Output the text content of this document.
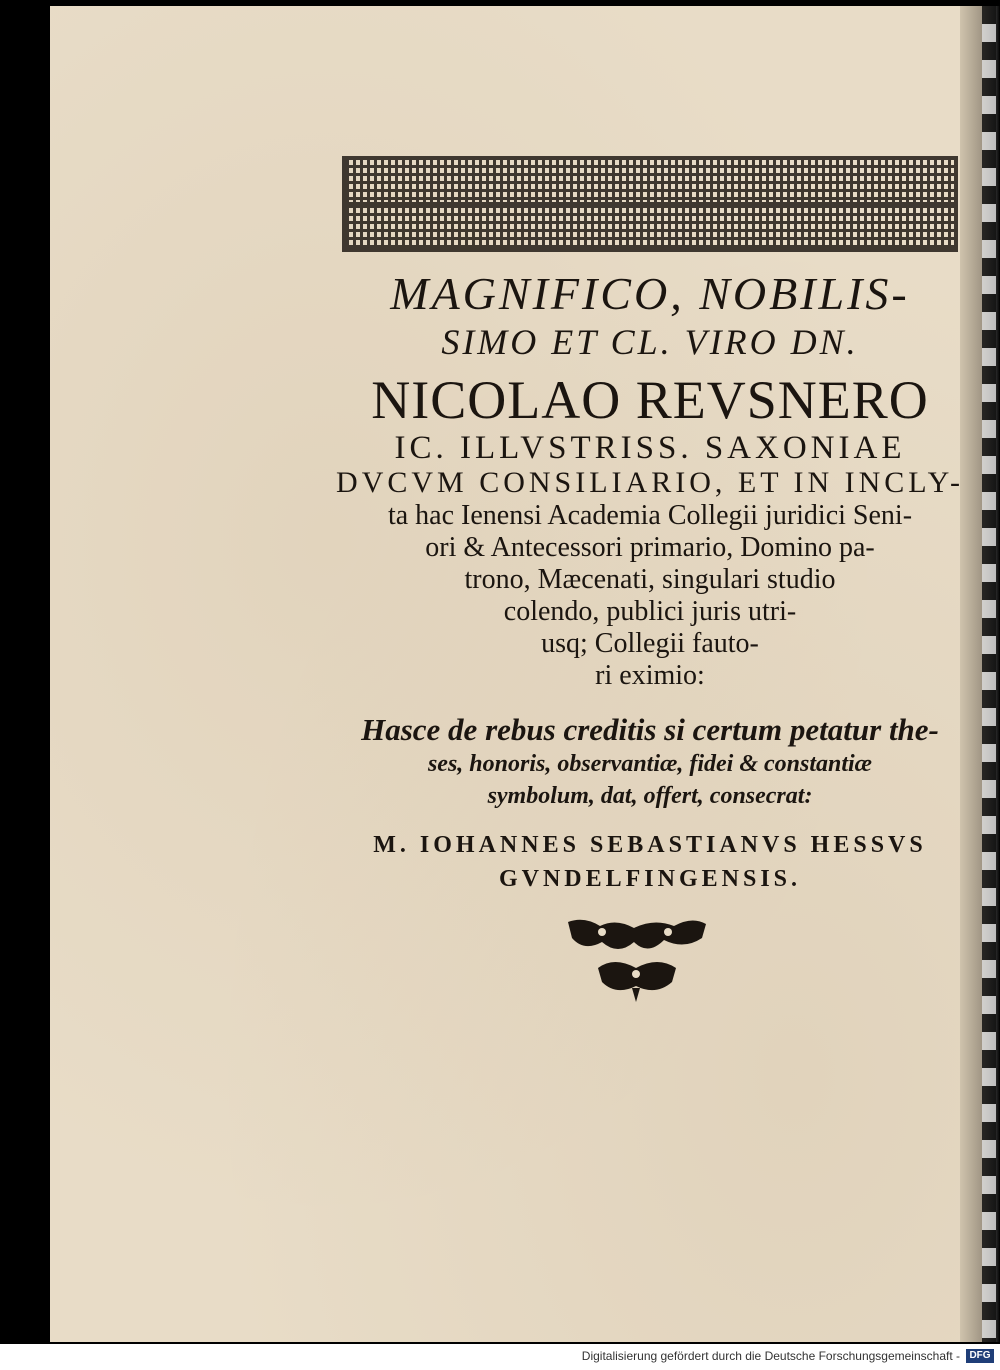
MAGNIFICO, NOBILIS-
SIMO ET CL. VIRO DN.
NICOLAO REVSNERO
IC. ILLVSTRISS. SAXONIAE
DVCVM CONSILIARIO, ET IN INCLY-
ta hac Ienensi Academia Collegii juridici Seni-
ori & Antecessori primario, Domino pa-
trono, Mæcenati, singulari studio
colendo, publici juris utri-
usq; Collegii fauto-
ri eximio:
Hasce de rebus creditis si certum petatur the-
ses, honoris, observantiæ, fidei & constantiæ
symbolum, dat, offert, consecrat:
M. IOHANNES SEBASTIANVS HESSVS
GVNDELFINGENSIS.
Digitalisierung gefördert durch die Deutsche Forschungsgemeinschaft - DFG
